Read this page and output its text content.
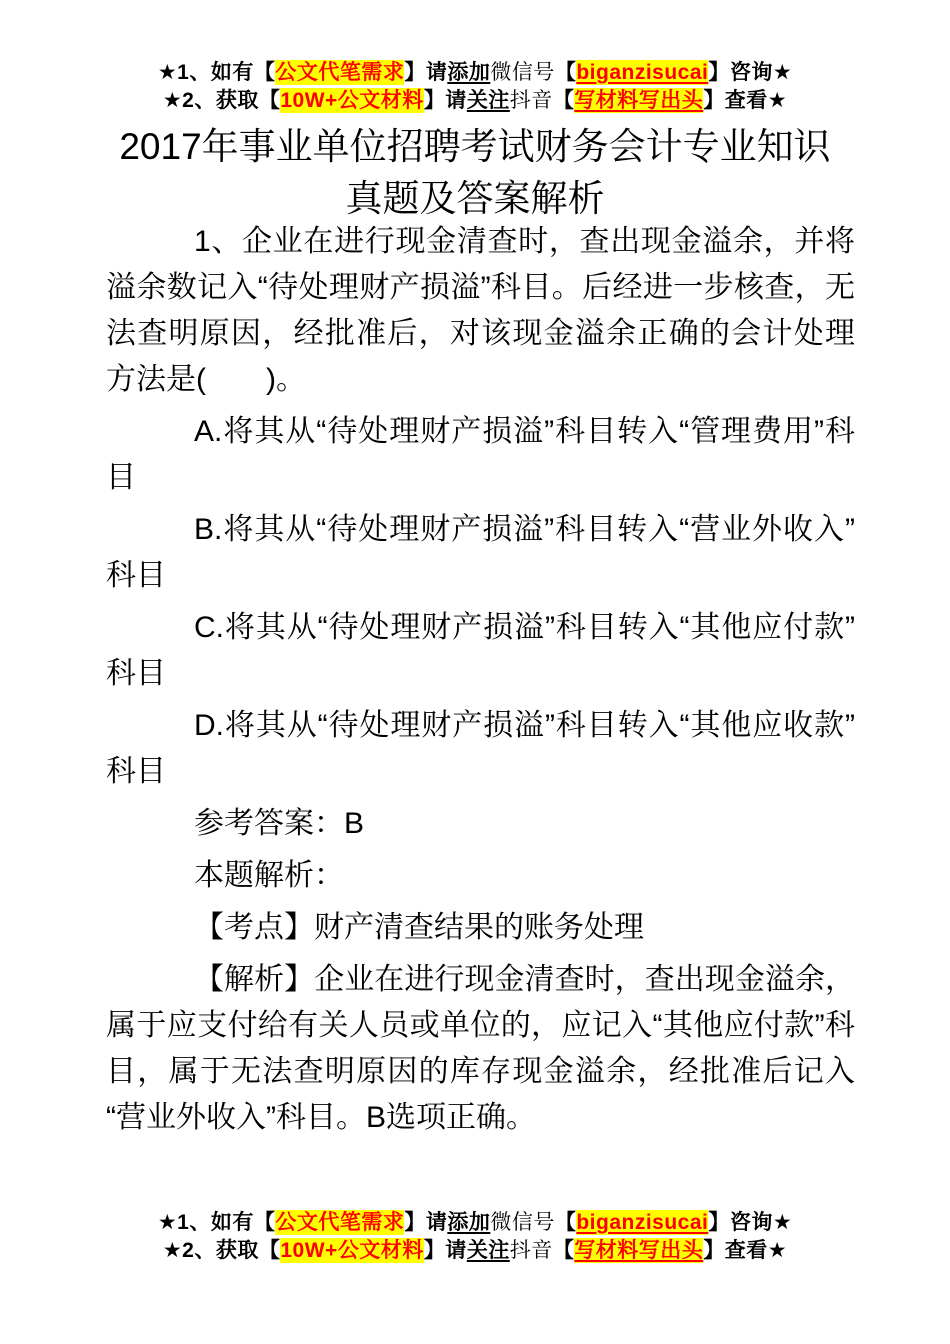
★1、如有【公文代笔需求】请添加微信号【biganzisucai】咨询★
★2、获取【10W+公文材料】请关注抖音【写材料写出头】查看★
2017年事业单位招聘考试财务会计专业知识
真题及答案解析

1、企业在进行现金清查时，查出现金溢余，并将溢余数记入“待处理财产损溢”科目。后经进一步核查，无法查明原因，经批准后，对该现金溢余正确的会计处理方法是(　　)。

A.将其从“待处理财产损溢”科目转入“管理费用”科目

B.将其从“待处理财产损溢”科目转入“营业外收入”科目

C.将其从“待处理财产损溢”科目转入“其他应付款”科目

D.将其从“待处理财产损溢”科目转入“其他应收款”科目

参考答案：B

本题解析：

【考点】财产清查结果的账务处理

【解析】企业在进行现金清查时，查出现金溢余，属于应支付给有关人员或单位的，应记入“其他应付款”科目，属于无法查明原因的库存现金溢余，经批准后记入“营业外收入”科目。B选项正确。

★1、如有【公文代笔需求】请添加微信号【biganzisucai】咨询★
★2、获取【10W+公文材料】请关注抖音【写材料写出头】查看★
